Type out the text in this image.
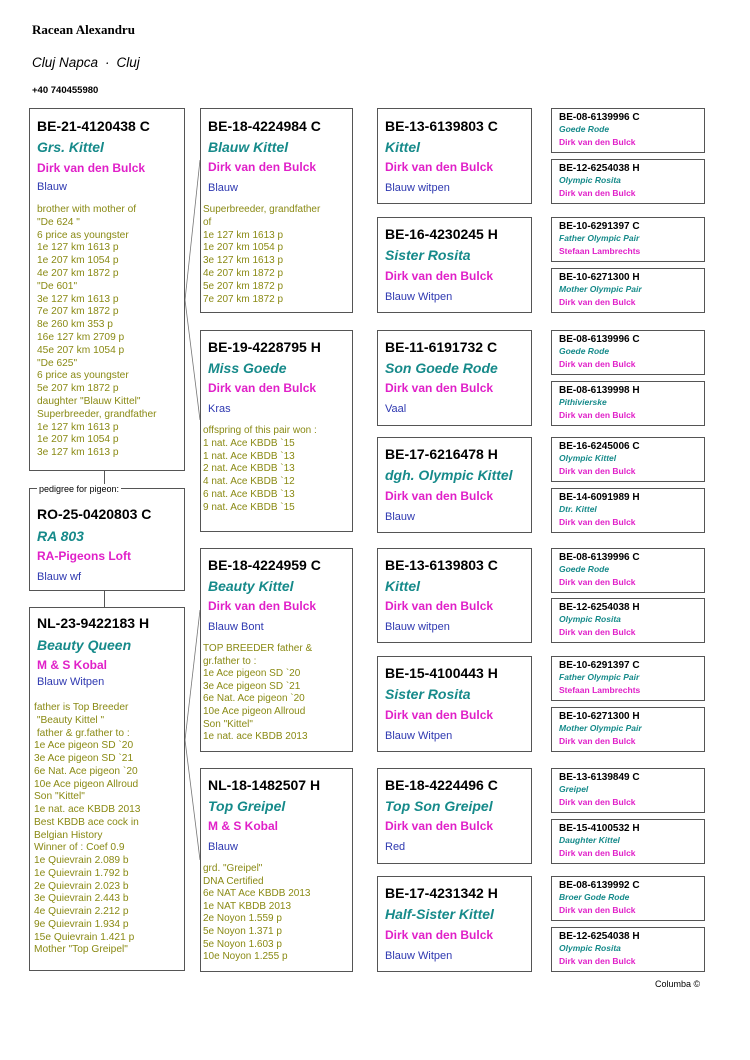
Racean Alexandru
Cluj Napca · Cluj
+40 740455980
RO-25-0420803 C
RA 803
RA-Pigeons Loft
Blauw wf
pedigree for pigeon:
BE-21-4120438 C
Grs. Kittel
Dirk van den Bulck
Blauw
brother with mother of
"De 624 "
6 price as youngster
1e 127 km 1613 p
1e 207 km 1054 p
4e 207 km 1872 p
"De 601"
3e 127 km 1613 p
7e 207 km 1872 p
8e 260 km 353 p
16e 127 km 2709 p
45e 207 km 1054 p
"De 625"
6 price as youngster
5e 207 km 1872 p
daughter "Blauw Kittel"
Superbreeder, grandfather
1e 127 km 1613 p
1e 207 km 1054 p
3e 127 km 1613 p
NL-23-9422183 H
Beauty Queen
M & S Kobal
Blauw Witpen
father is Top Breeder
"Beauty Kittel "
father & gr.father to :
1e Ace pigeon SD `20
3e Ace pigeon SD `21
6e Nat. Ace pigeon `20
10e Ace pigeon Allroud
Son "Kittel"
1e nat. ace KBDB 2013
Best KBDB ace cock in
Belgian History
Winner of : Coef 0.9
1e Quievrain 2.089 b
1e Quievrain 1.792 b
2e Quievrain 2.023 b
3e Quievrain 2.443 b
4e Quievrain 2.212 p
9e Quievrain 1.934 p
15e Quievrain 1.421 p
Mother "Top Greipel"
BE-18-4224984 C
Blauw Kittel
Dirk van den Bulck
Blauw
Superbreeder, grandfather
of
1e 127 km 1613 p
1e 207 km 1054 p
3e 127 km 1613 p
4e 207 km 1872 p
5e 207 km 1872 p
7e 207 km 1872 p
BE-19-4228795 H
Miss Goede
Dirk van den Bulck
Kras
offspring of this pair won :
1 nat. Ace KBDB `15
1 nat. Ace KBDB `13
2 nat. Ace KBDB `13
4 nat. Ace KBDB `12
6 nat. Ace KBDB `13
9 nat. Ace KBDB `15
BE-18-4224959 C
Beauty Kittel
Dirk van den Bulck
Blauw Bont
TOP BREEDER father &
gr.father to :
1e Ace pigeon SD `20
3e Ace pigeon SD `21
6e Nat. Ace pigeon `20
10e Ace pigeon Allroud
Son "Kittel"
1e nat. ace KBDB 2013
NL-18-1482507 H
Top Greipel
M & S Kobal
Blauw
grd. "Greipel"
DNA Certified
6e NAT Ace KBDB 2013
1e NAT KBDB 2013
2e Noyon 1.559 p
5e Noyon 1.371 p
5e Noyon 1.603 p
10e Noyon 1.255 p
BE-13-6139803 C
Kittel
Dirk van den Bulck
Blauw witpen
BE-16-4230245 H
Sister Rosita
Dirk van den Bulck
Blauw Witpen
BE-11-6191732 C
Son Goede Rode
Dirk van den Bulck
Vaal
BE-17-6216478 H
dgh. Olympic Kittel
Dirk van den Bulck
Blauw
BE-13-6139803 C
Kittel
Dirk van den Bulck
Blauw witpen
BE-15-4100443 H
Sister Rosita
Dirk van den Bulck
Blauw Witpen
BE-18-4224496 C
Top Son Greipel
Dirk van den Bulck
Red
BE-17-4231342 H
Half-Sister Kittel
Dirk van den Bulck
Blauw Witpen
BE-08-6139996 C
Goede Rode
Dirk van den Bulck
BE-12-6254038 H
Olympic Rosita
Dirk van den Bulck
BE-10-6291397 C
Father Olympic Pair
Stefaan Lambrechts
BE-10-6271300 H
Mother Olympic Pair
Dirk van den Bulck
BE-08-6139996 C
Goede Rode
Dirk van den Bulck
BE-08-6139998 H
Pithivierske
Dirk van den Bulck
BE-16-6245006 C
Olympic Kittel
Dirk van den Bulck
BE-14-6091989 H
Dtr. Kittel
Dirk van den Bulck
BE-08-6139996 C
Goede Rode
Dirk van den Bulck
BE-12-6254038 H
Olympic Rosita
Dirk van den Bulck
BE-10-6291397 C
Father Olympic Pair
Stefaan Lambrechts
BE-10-6271300 H
Mother Olympic Pair
Dirk van den Bulck
BE-13-6139849 C
Greipel
Dirk van den Bulck
BE-15-4100532 H
Daughter Kittel
Dirk van den Bulck
BE-08-6139992 C
Broer Gode Rode
Dirk van den Bulck
BE-12-6254038 H
Olympic Rosita
Dirk van den Bulck
Columba ©
